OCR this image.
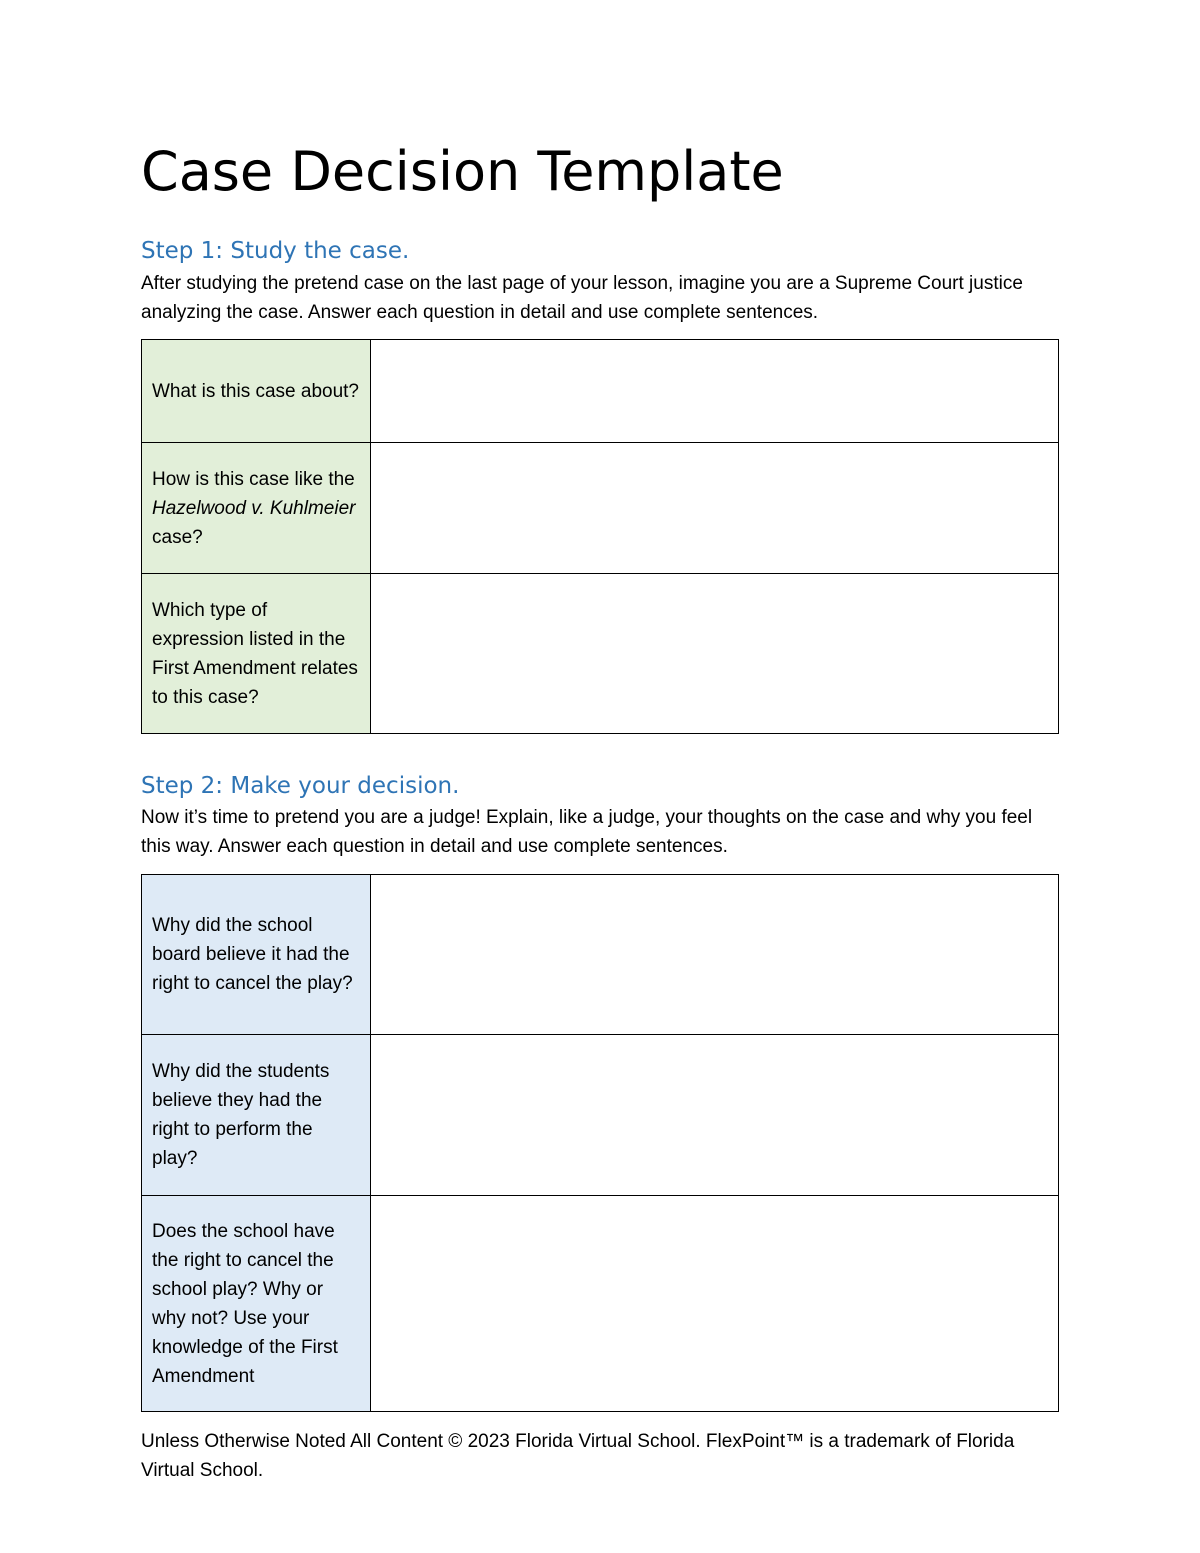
Case Decision Template
Step 1: Study the case.

After studying the pretend case on the last page of your lesson, imagine you are a Supreme Court justice analyzing the case. Answer each question in detail and use complete sentences.

What is this case about?	
How is this case like the Hazelwood v. Kuhlmeier case?	
Which type of expression listed in the First Amendment relates to this case?	
Step 2: Make your decision.

Now it’s time to pretend you are a judge! Explain, like a judge, your thoughts on the case and why you feel this way. Answer each question in detail and use complete sentences.

Why did the school board believe it had the right to cancel the play?	
Why did the students believe they had the right to perform the play?	
Does the school have the right to cancel the school play? Why or why not? Use your knowledge of the First Amendment	

Unless Otherwise Noted All Content © 2023 Florida Virtual School. FlexPoint™ is a trademark of Florida Virtual School.
